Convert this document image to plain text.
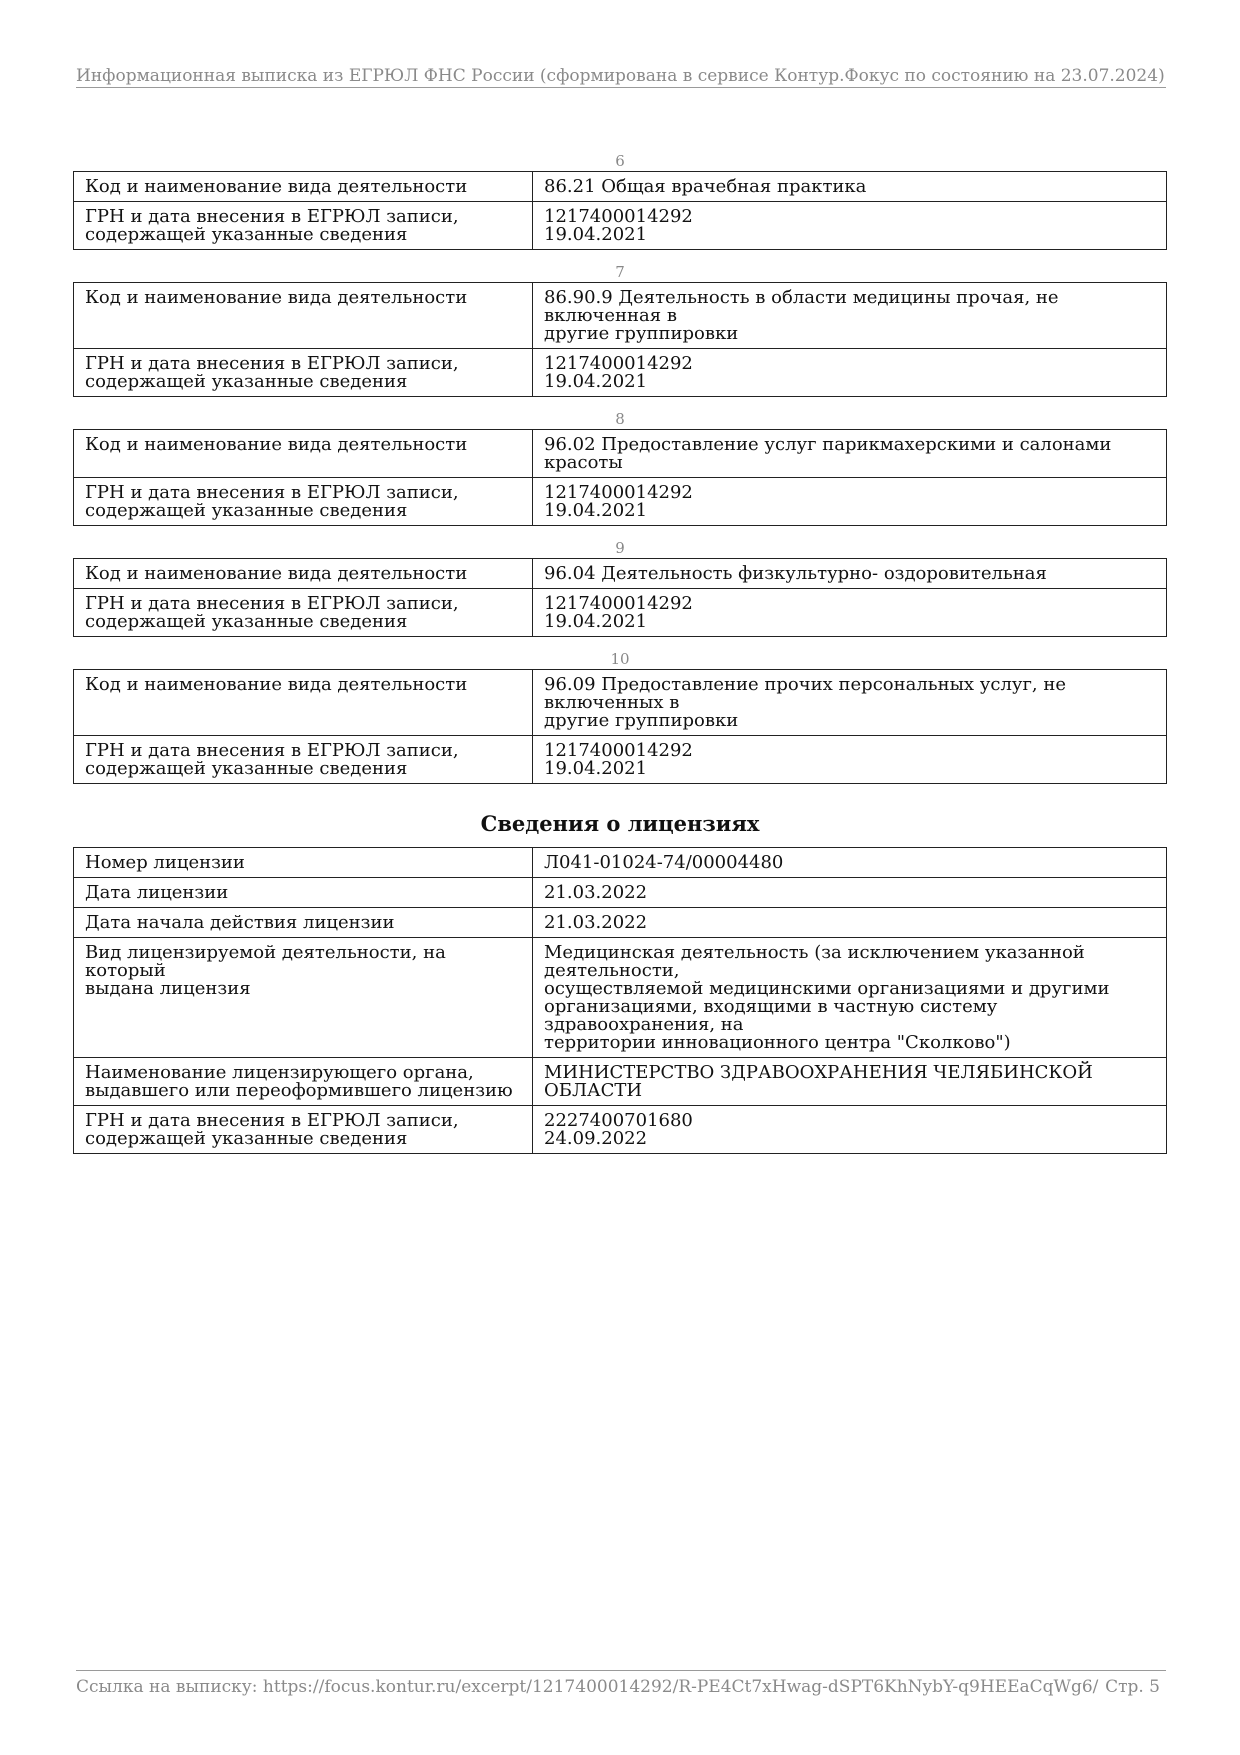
Информационная выписка из ЕГРЮЛ ФНС России (сформирована в сервисе Контур.Фокус по состоянию на 23.07.2024)
6
Код и наименование вида деятельности	86.21 Общая врачебная практика

ГРН и дата внесения в ЕГРЮЛ записи,
содержащей указанные сведения	1217400014292
19.04.2021
7
Код и наименование вида деятельности	86.90.9 Деятельность в области медицины прочая, не включенная в
другие группировки

ГРН и дата внесения в ЕГРЮЛ записи,
содержащей указанные сведения	1217400014292
19.04.2021
8
Код и наименование вида деятельности	96.02 Предоставление услуг парикмахерскими и салонами красоты

ГРН и дата внесения в ЕГРЮЛ записи,
содержащей указанные сведения	1217400014292
19.04.2021
9
Код и наименование вида деятельности	96.04 Деятельность физкультурно- оздоровительная

ГРН и дата внесения в ЕГРЮЛ записи,
содержащей указанные сведения	1217400014292
19.04.2021
10
Код и наименование вида деятельности	96.09 Предоставление прочих персональных услуг, не включенных в
другие группировки

ГРН и дата внесения в ЕГРЮЛ записи,
содержащей указанные сведения	1217400014292
19.04.2021
Сведения о лицензиях
Номер лицензии	Л041-01024-74/00004480

Дата лицензии	21.03.2022

Дата начала действия лицензии	21.03.2022

Вид лицензируемой деятельности, на который
выдана лицензия	Медицинская деятельность (за исключением указанной деятельности,
осуществляемой медицинскими организациями и другими
организациями, входящими в частную систему здравоохранения, на
территории инновационного центра "Сколково")

Наименование лицензирующего органа,
выдавшего или переоформившего лицензию	МИНИСТЕРСТВО ЗДРАВООХРАНЕНИЯ ЧЕЛЯБИНСКОЙ ОБЛАСТИ

ГРН и дата внесения в ЕГРЮЛ записи,
содержащей указанные сведения	2227400701680
24.09.2022
Ссылка на выписку: https://focus.kontur.ru/excerpt/1217400014292/R-PE4Ct7xHwag-dSPT6KhNybY-q9HEEaCqWg6/ Стр. 5
